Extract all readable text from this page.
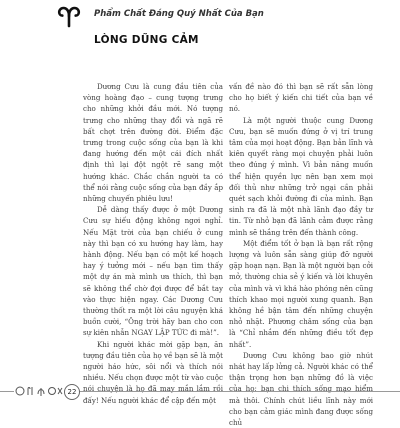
Phẩm Chất Đáng Quý Nhất Của Bạn
LÒNG DŨNG CẢM

Dương Cưu là cung đầu tiên của vòng hoàng đạo – cung tượng trưng cho những khởi đầu mới. Nó tượng trưng cho những thay đổi và ngã rẽ bất chợt trên đường đời. Điểm đặc trưng trong cuộc sống của bạn là khi đang hướng đến một cái đích nhất định thì lại đột ngột rẽ sang một hướng khác. Chắc chắn người ta có thể nói rằng cuộc sống của bạn đầy ắp những chuyến phiêu lưu!

Dễ dàng thấy được ở một Dương Cưu sự hiếu động không ngơi nghỉ. Nếu Mặt trời của bạn chiếu ở cung này thì bạn có xu hướng hay làm, hay hành động. Nếu bạn có một kế hoạch hay ý tưởng mới – nếu bạn tìm thấy một dự án mà mình ưa thích, thì bạn sẽ không thể chờ đợi được để bắt tay vào thực hiện ngay. Các Dương Cưu thường thốt ra một lời câu nguyện khá buồn cười, “Ông trời hãy ban cho con sự kiên nhẫn NGAY LẬP TỨC đi mà!”.

Khi người khác mời gặp bạn, ăn tượng đầu tiên của họ về bạn sẽ là một người háo hức, sôi nổi và thích nói nhiều. Nếu chọn được một từ vào cuộc nói chuyện là họ đã may mắn lắm rồi đấy! Nếu người khác để cập đến một

vấn đề nào đó thì bạn sẽ rất sẵn lòng cho họ biết ý kiến chi tiết của bạn về nó.

Là một người thuộc cung Dương Cưu, bạn sẽ muốn đứng ở vị trí trung tâm của mọi hoạt động. Bạn bản lĩnh và kiên quyết ràng mọi chuyện phải luôn theo đúng ý mình. Vì bản năng muốn thể hiện quyền lực nên bạn xem mọi đối thủ như những trở ngại cần phải quét sạch khỏi đường đi của mình. Bạn sinh ra đã là một nhà lãnh đạo đầy tư tin. Từ nhỏ bạn đã lãnh cảm được rằng mình sẽ thắng trên đến thành công.

Một điểm tốt ở bạn là bạn rất rộng lượng và luôn sẵn sàng giúp đỡ người gặp hoạn nạn. Bạn là một người bạn cởi mở, thường chia sẻ ý kiến và lời khuyên của mình và vì khá hào phóng nên cũng thích khao mọi người xung quanh. Bạn không hề bận tâm đến những chuyện nhỏ nhặt. Phương châm sống của bạn là “Chỉ nhắm đến những điều tốt đẹp nhất”.

Dương Cưu không bao giờ nhút nhát hay lấp lửng cả. Người khác có thể thận trọng hơn bạn những đồ là việc của họ; bạn chi thích sống mạo hiểm mà thôi. Chính chút liều lĩnh này mới cho bạn cảm giác mình đang được sống chủ

22
